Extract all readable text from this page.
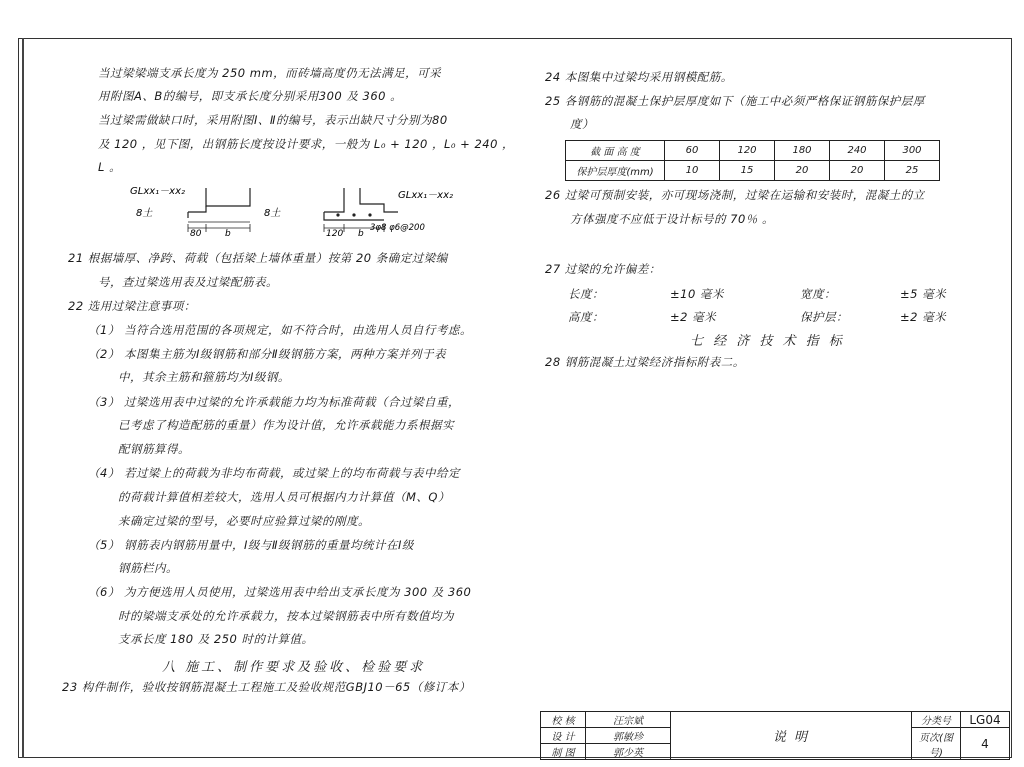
当过梁梁端支承长度为 250 mm，而砖墙高度仍无法满足，可采
用附图A、B的编号，即支承长度分别采用300 及 360 。
当过梁需做缺口时，采用附图Ⅰ、Ⅱ的编号，表示出缺尺寸分别为80
及 120 ，见下图，出钢筋长度按设计要求，一般为 L₀ + 120 ，L₀ + 240 ，
L 。
GLxx₁－xx₂
8土
80	b
8土
120 b
GLxx₁－xx₂
3φ8 φ6@200
21 根据墙厚、净跨、荷载（包括梁上墙体重量）按第 20 条确定过梁编
号，查过梁选用表及过梁配筋表。
22 选用过梁注意事项：
（1） 当符合选用范围的各项规定，如不符合时，由选用人员自行考虑。
（2） 本图集主筋为Ⅰ级钢筋和部分Ⅱ级钢筋方案，两种方案并列于表
中，其余主筋和箍筋均为Ⅰ级钢。
（3） 过梁选用表中过梁的允许承载能力均为标准荷载（合过梁自重，
已考虑了构造配筋的重量）作为设计值，允许承载能力系根据实
配钢筋算得。
（4） 若过梁上的荷载为非均布荷载，或过梁上的均布荷载与表中给定
的荷载计算值相差较大，选用人员可根据内力计算值（M、Q）
来确定过梁的型号，必要时应验算过梁的刚度。
（5） 钢筋表内钢筋用量中，Ⅰ级与Ⅱ级钢筋的重量均统计在Ⅰ级
钢筋栏内。
（6） 为方便选用人员使用，过梁选用表中给出支承长度为 300 及 360
时的梁端支承处的允许承载力，按本过梁钢筋表中所有数值均为
支承长度 180 及 250 时的计算值。
八 施工、制作要求及验收、检验要求
23 构件制作，验收按钢筋混凝土工程施工及验收规范GBJ10－65（修订本）
24 本图集中过梁均采用钢模配筋。
25 各钢筋的混凝土保护层厚度如下（施工中必须严格保证钢筋保护层厚
度）
截 面 高 度	60	120	180	240	300
保护层厚度(mm)	10	15	20	20	25
26 过梁可预制安装，亦可现场浇制，过梁在运输和安装时，混凝土的立
方体强度不应低于设计标号的 70％ 。
27 过梁的允许偏差：
长度：	±10 毫米	宽度：	±5 毫米
高度：	±2 毫米	保护层：	±2 毫米
七 经 济 技 术 指 标
28 钢筋混凝土过梁经济指标附表二。
校 核	汪宗斌	说 明	分类号	LG04
设 计	郭敏珍		页次(图号)	4
制 图	郭少英			
